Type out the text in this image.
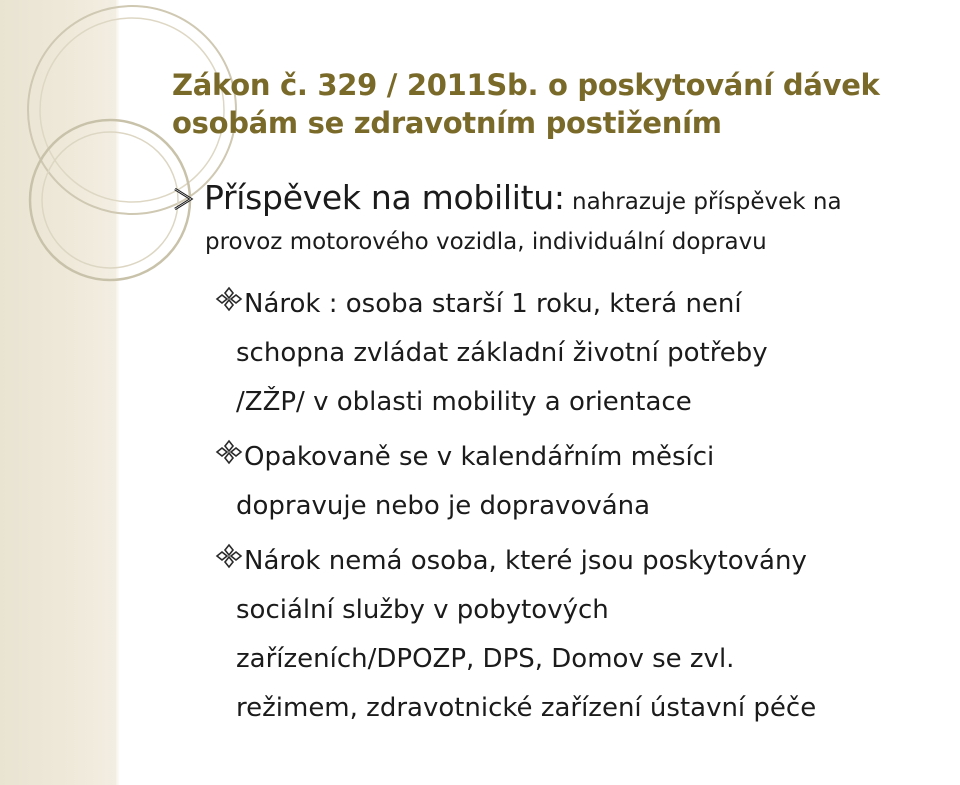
Zákon č. 329 / 2011Sb. o poskytování dávek
osobám se zdravotním postižením
Příspěvek na mobilitu: nahrazuje příspěvek na
provoz motorového vozidla, individuální dopravu
Nárok : osoba starší 1 roku, která není
schopna zvládat základní životní potřeby
/ZŽP/ v oblasti mobility a orientace
Opakovaně se v kalendářním měsíci
dopravuje nebo je dopravována
Nárok nemá osoba, které jsou poskytovány
sociální služby v pobytových
zařízeních/DPOZP, DPS, Domov se zvl.
režimem, zdravotnické zařízení ústavní péče
